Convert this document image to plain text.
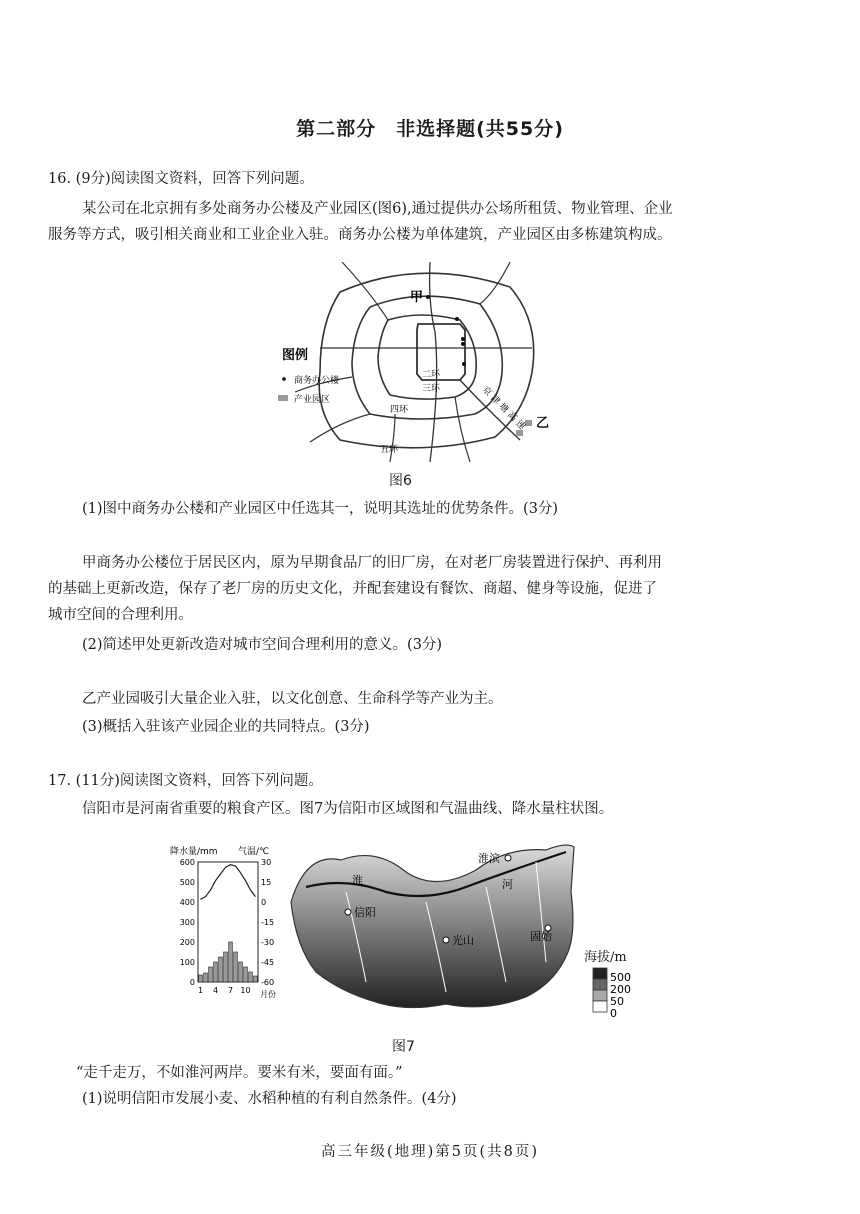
第二部分　非选择题(共55分)
16. (9分)阅读图文资料，回答下列问题。
某公司在北京拥有多处商务办公楼及产业园区(图6),通过提供办公场所租赁、物业管理、企业
服务等方式，吸引相关商业和工业企业入驻。商务办公楼为单体建筑，产业园区由多栋建筑构成。
甲
乙
二环
三环
四环
五环
京 津 塘 高 速
图例
商务办公楼
产业园区
图6
(1)图中商务办公楼和产业园区中任选其一，说明其选址的优势条件。(3分)
甲商务办公楼位于居民区内，原为早期食品厂的旧厂房，在对老厂房装置进行保护、再利用
的基础上更新改造，保存了老厂房的历史文化，并配套建设有餐饮、商超、健身等设施，促进了
城市空间的合理利用。
(2)简述甲处更新改造对城市空间合理利用的意义。(3分)
乙产业园吸引大量企业入驻，以文化创意、生命科学等产业为主。
(3)概括入驻该产业园企业的共同特点。(3分)
17. (11分)阅读图文资料，回答下列问题。
信阳市是河南省重要的粮食产区。图7为信阳市区域图和气温曲线、降水量柱状图。
降水量/mm 气温/℃
600
500
400
300
200
100
0
30
15
0
-15
-30
-45
-60
1 4 7 10 月份
信阳
淮滨
光山	固始
淮	河
海拔/m
500
200
50
0
图7
“走千走万，不如淮河两岸。要米有米，要面有面。”
(1)说明信阳市发展小麦、水稻种植的有利自然条件。(4分)
高三年级(地理)第5页(共8页)
